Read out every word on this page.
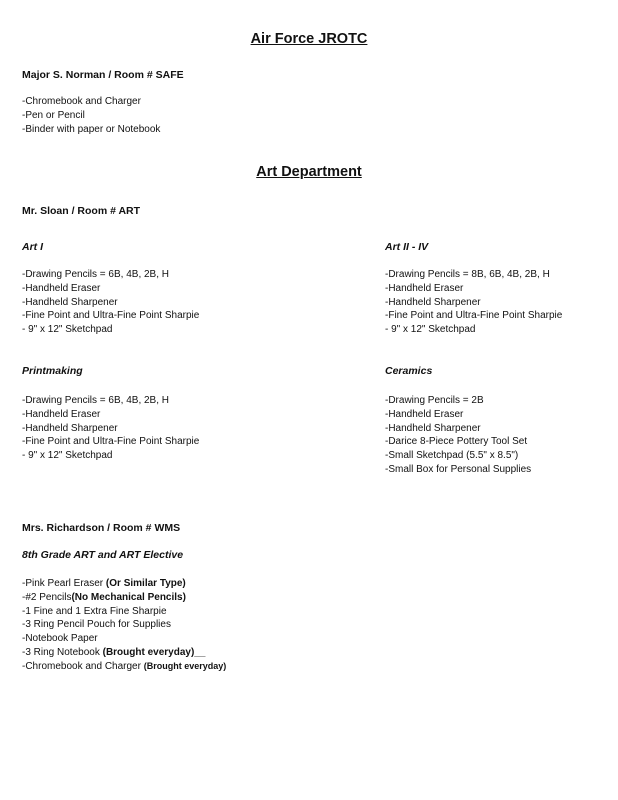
Air Force JROTC

Major S. Norman / Room # SAFE

-Chromebook and Charger
-Pen or Pencil
-Binder with paper or Notebook
Art Department

Mr. Sloan / Room # ART

Art I

-Drawing Pencils = 6B, 4B, 2B, H
-Handheld Eraser
-Handheld Sharpener
-Fine Point and Ultra-Fine Point Sharpie
- 9" x 12" Sketchpad

Art II - IV

-Drawing Pencils = 8B, 6B, 4B, 2B, H
-Handheld Eraser
-Handheld Sharpener
-Fine Point and Ultra-Fine Point Sharpie
- 9" x 12" Sketchpad

Printmaking

-Drawing Pencils = 6B, 4B, 2B, H
-Handheld Eraser
-Handheld Sharpener
-Fine Point and Ultra-Fine Point Sharpie
- 9" x 12" Sketchpad

Ceramics

-Drawing Pencils = 2B
-Handheld Eraser
-Handheld Sharpener
-Darice 8-Piece Pottery Tool Set
-Small Sketchpad (5.5" x 8.5")
-Small Box for Personal Supplies

Mrs. Richardson / Room # WMS

8th Grade ART and ART Elective

-Pink Pearl Eraser (Or Similar Type)
-#2 Pencils(No Mechanical Pencils)
-1 Fine and 1 Extra Fine Sharpie
-3 Ring Pencil Pouch for Supplies
-Notebook Paper
-3 Ring Notebook (Brought everyday)__
-Chromebook and Charger (Brought everyday)
